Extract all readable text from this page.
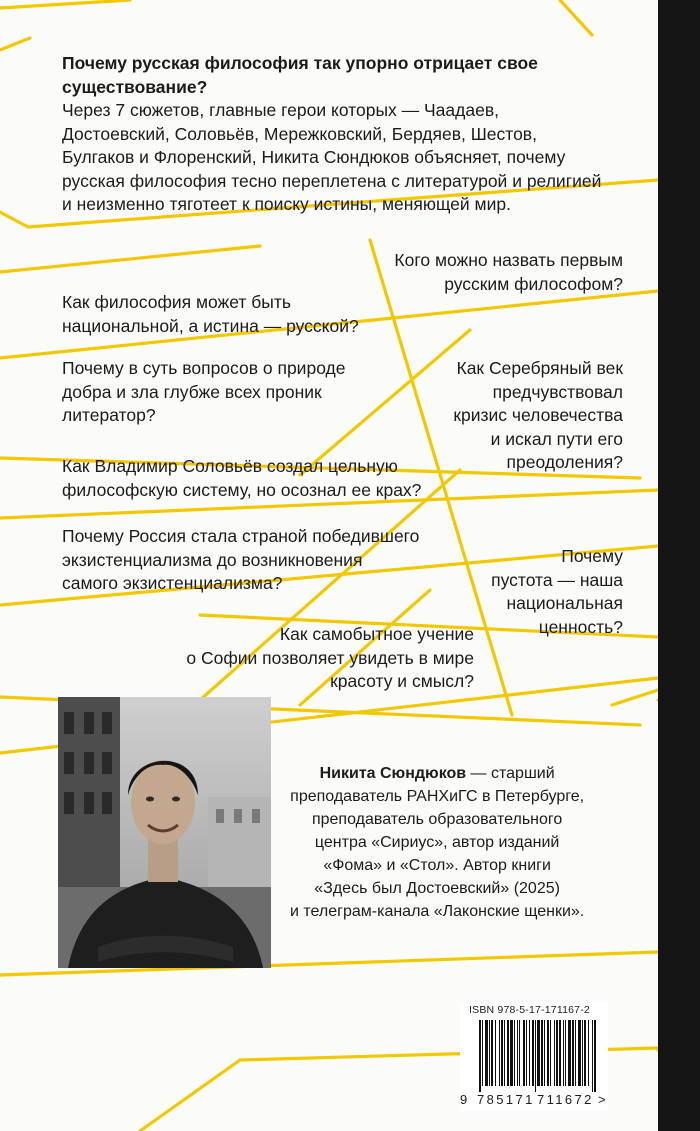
Почему русская философия так упорно отрицает свое
существование?
Через 7 сюжетов, главные герои которых — Чаадаев,
Достоевский, Соловьёв, Мережковский, Бердяев, Шестов,
Булгаков и Флоренский, Никита Сюндюков объясняет, почему
русская философия тесно переплетена с литературой и религией
и неизменно тяготеет к поиску истины, меняющей мир.
Кого можно назвать первым
русским философом?
Как философия может быть
национальной, а истина — русской?
Почему в суть вопросов о природе
добра и зла глубже всех проник
литератор?
Как Серебряный век
предчувствовал
кризис человечества
и искал пути его
преодоления?
Как Владимир Соловьёв создал цельную
философскую систему, но осознал ее крах?
Почему Россия стала страной победившего
экзистенциализма до возникновения
самого экзистенциализма?
Почему
пустота — наша
национальная
ценность?
Как самобытное учение
о Софии позволяет увидеть в мире
красоту и смысл?
Никита Сюндюков — старший
преподаватель РАНХиГС в Петербурге,
преподаватель образовательного
центра «Сириус», автор изданий
«Фома» и «Стол». Автор книги
«Здесь был Достоевский» (2025)
и телеграм-канала «Лаконские щенки».

ISBN 978-5-17-171167-2

9 785171 711672 >
